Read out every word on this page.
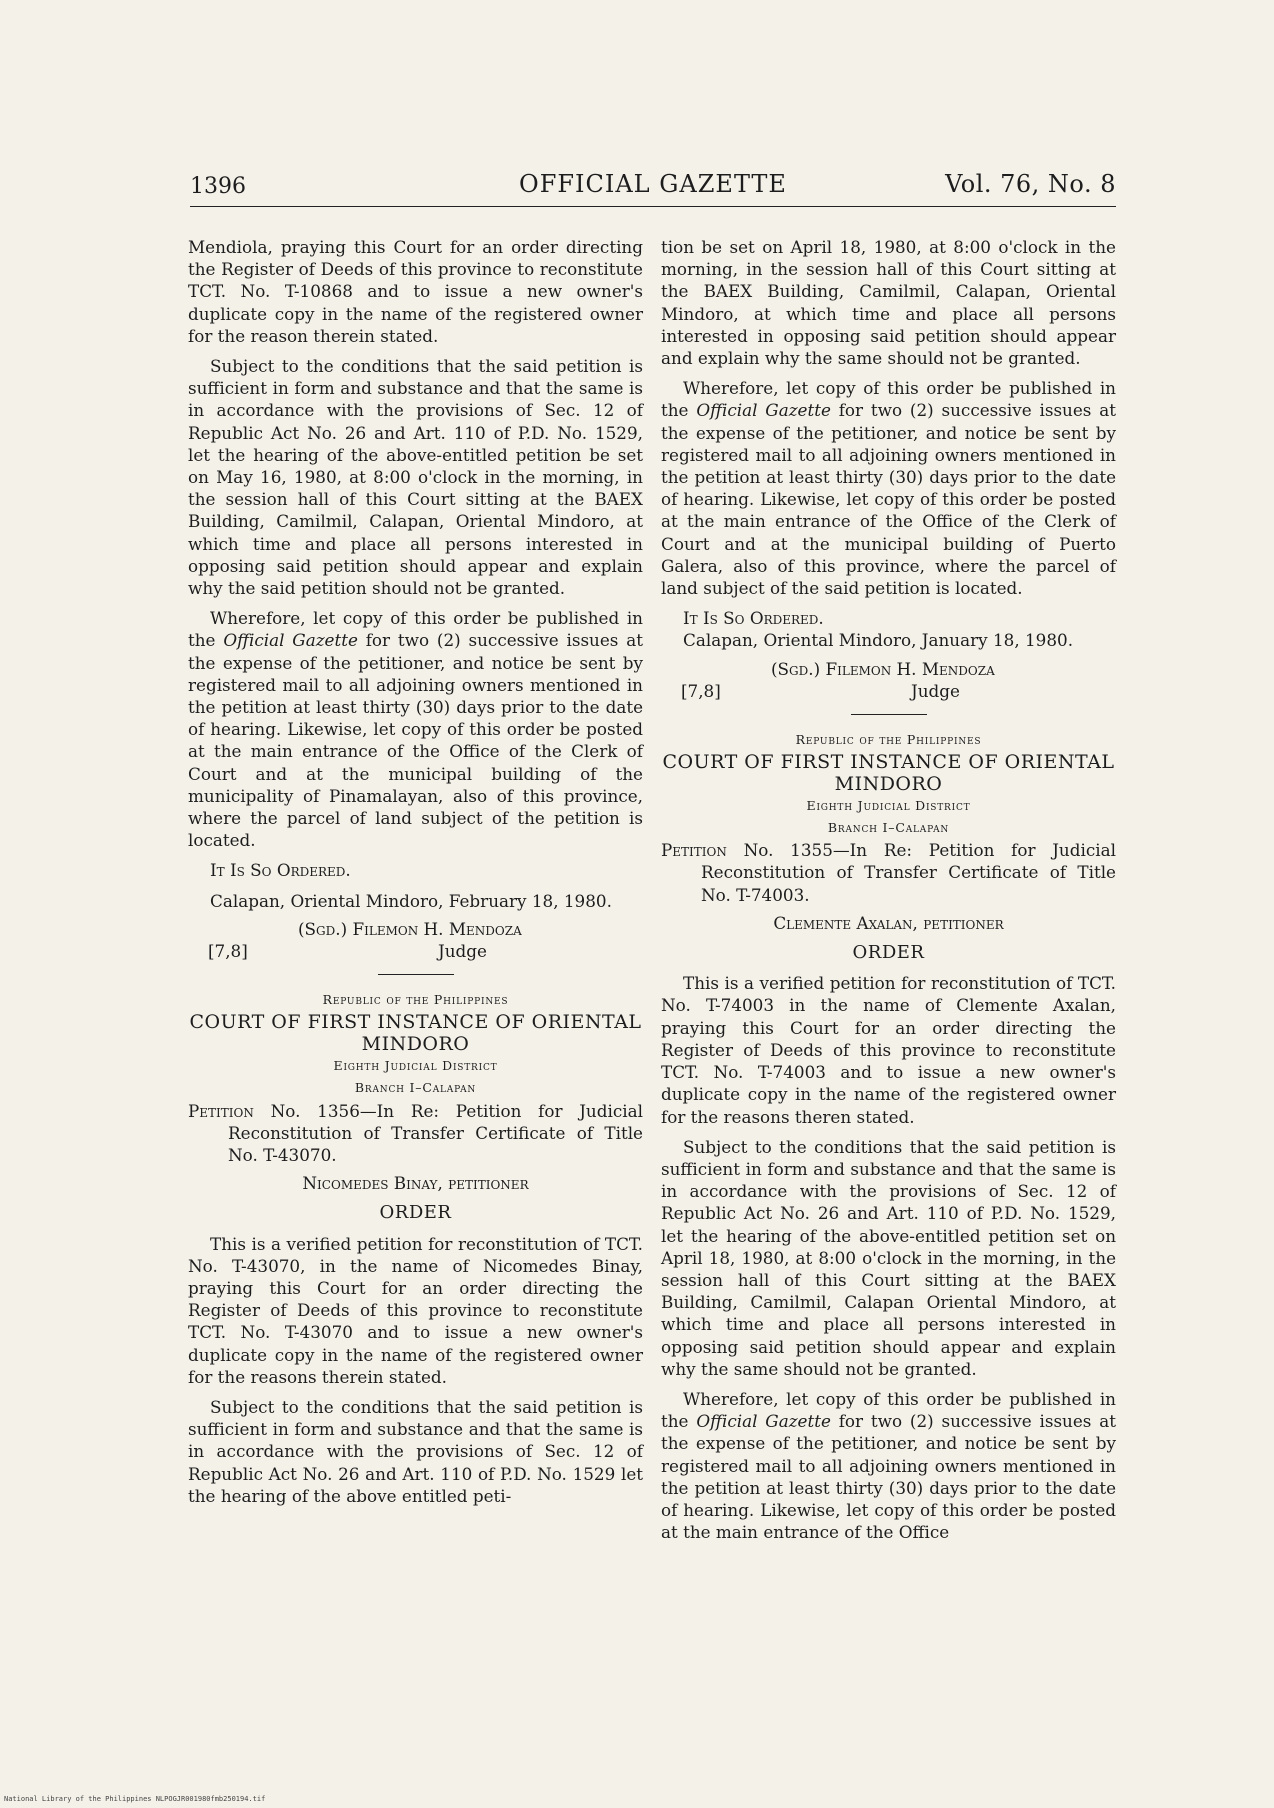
1396	OFFICIAL GAZETTE	Vol. 76, No. 8

Mendiola, praying this Court for an order directing the Register of Deeds of this province to reconstitute TCT. No. T-10868 and to issue a new owner's duplicate copy in the name of the registered owner for the reason therein stated.

Subject to the conditions that the said petition is sufficient in form and substance and that the same is in accordance with the provisions of Sec. 12 of Republic Act No. 26 and Art. 110 of P.D. No. 1529, let the hearing of the above-entitled petition be set on May 16, 1980, at 8:00 o'clock in the morning, in the session hall of this Court sitting at the BAEX Building, Camilmil, Calapan, Oriental Mindoro, at which time and place all persons interested in opposing said petition should appear and explain why the said petition should not be granted.

Wherefore, let copy of this order be published in the Official Gazette for two (2) successive issues at the expense of the petitioner, and notice be sent by registered mail to all adjoining owners mentioned in the petition at least thirty (30) days prior to the date of hearing. Likewise, let copy of this order be posted at the main entrance of the Office of the Clerk of Court and at the municipal building of the municipality of Pinamalayan, also of this province, where the parcel of land subject of the petition is located.

It Is So Ordered.

Calapan, Oriental Mindoro, February 18, 1980.

(Sgd.) Filemon H. Mendoza
[7,8]	Judge
Republic of the Philippines
COURT OF FIRST INSTANCE OF ORIENTAL MINDORO
Eighth Judicial District
Branch I–Calapan

Petition No. 1356—In Re: Petition for Judicial Reconstitution of Transfer Certificate of Title No. T-43070.

Nicomedes Binay, petitioner
ORDER

This is a verified petition for reconstitution of TCT. No. T-43070, in the name of Nicomedes Binay, praying this Court for an order directing the Register of Deeds of this province to reconstitute TCT. No. T-43070 and to issue a new owner's duplicate copy in the name of the registered owner for the reasons therein stated.

Subject to the conditions that the said petition is sufficient in form and substance and that the same is in accordance with the provisions of Sec. 12 of Republic Act No. 26 and Art. 110 of P.D. No. 1529 let the hearing of the above entitled peti-

tion be set on April 18, 1980, at 8:00 o'clock in the morning, in the session hall of this Court sitting at the BAEX Building, Camilmil, Calapan, Oriental Mindoro, at which time and place all persons interested in opposing said petition should appear and explain why the same should not be granted.

Wherefore, let copy of this order be published in the Official Gazette for two (2) successive issues at the expense of the petitioner, and notice be sent by registered mail to all adjoining owners mentioned in the petition at least thirty (30) days prior to the date of hearing. Likewise, let copy of this order be posted at the main entrance of the Office of the Clerk of Court and at the municipal building of Puerto Galera, also of this province, where the parcel of land subject of the said petition is located.

It Is So Ordered.

Calapan, Oriental Mindoro, January 18, 1980.

(Sgd.) Filemon H. Mendoza
[7,8]	Judge
Republic of the Philippines
COURT OF FIRST INSTANCE OF ORIENTAL MINDORO
Eighth Judicial District
Branch I–Calapan

Petition No. 1355—In Re: Petition for Judicial Reconstitution of Transfer Certificate of Title No. T-74003.

Clemente Axalan, petitioner
ORDER

This is a verified petition for reconstitution of TCT. No. T-74003 in the name of Clemente Axalan, praying this Court for an order directing the Register of Deeds of this province to reconstitute TCT. No. T-74003 and to issue a new owner's duplicate copy in the name of the registered owner for the reasons theren stated.

Subject to the conditions that the said petition is sufficient in form and substance and that the same is in accordance with the provisions of Sec. 12 of Republic Act No. 26 and Art. 110 of P.D. No. 1529, let the hearing of the above-entitled petition set on April 18, 1980, at 8:00 o'clock in the morning, in the session hall of this Court sitting at the BAEX Building, Camilmil, Calapan Oriental Mindoro, at which time and place all persons interested in opposing said petition should appear and explain why the same should not be granted.

Wherefore, let copy of this order be published in the Official Gazette for two (2) successive issues at the expense of the petitioner, and notice be sent by registered mail to all adjoining owners mentioned in the petition at least thirty (30) days prior to the date of hearing. Likewise, let copy of this order be posted at the main entrance of the Office

National Library of the Philippines NLPOGJR001980fmb250194.tif
